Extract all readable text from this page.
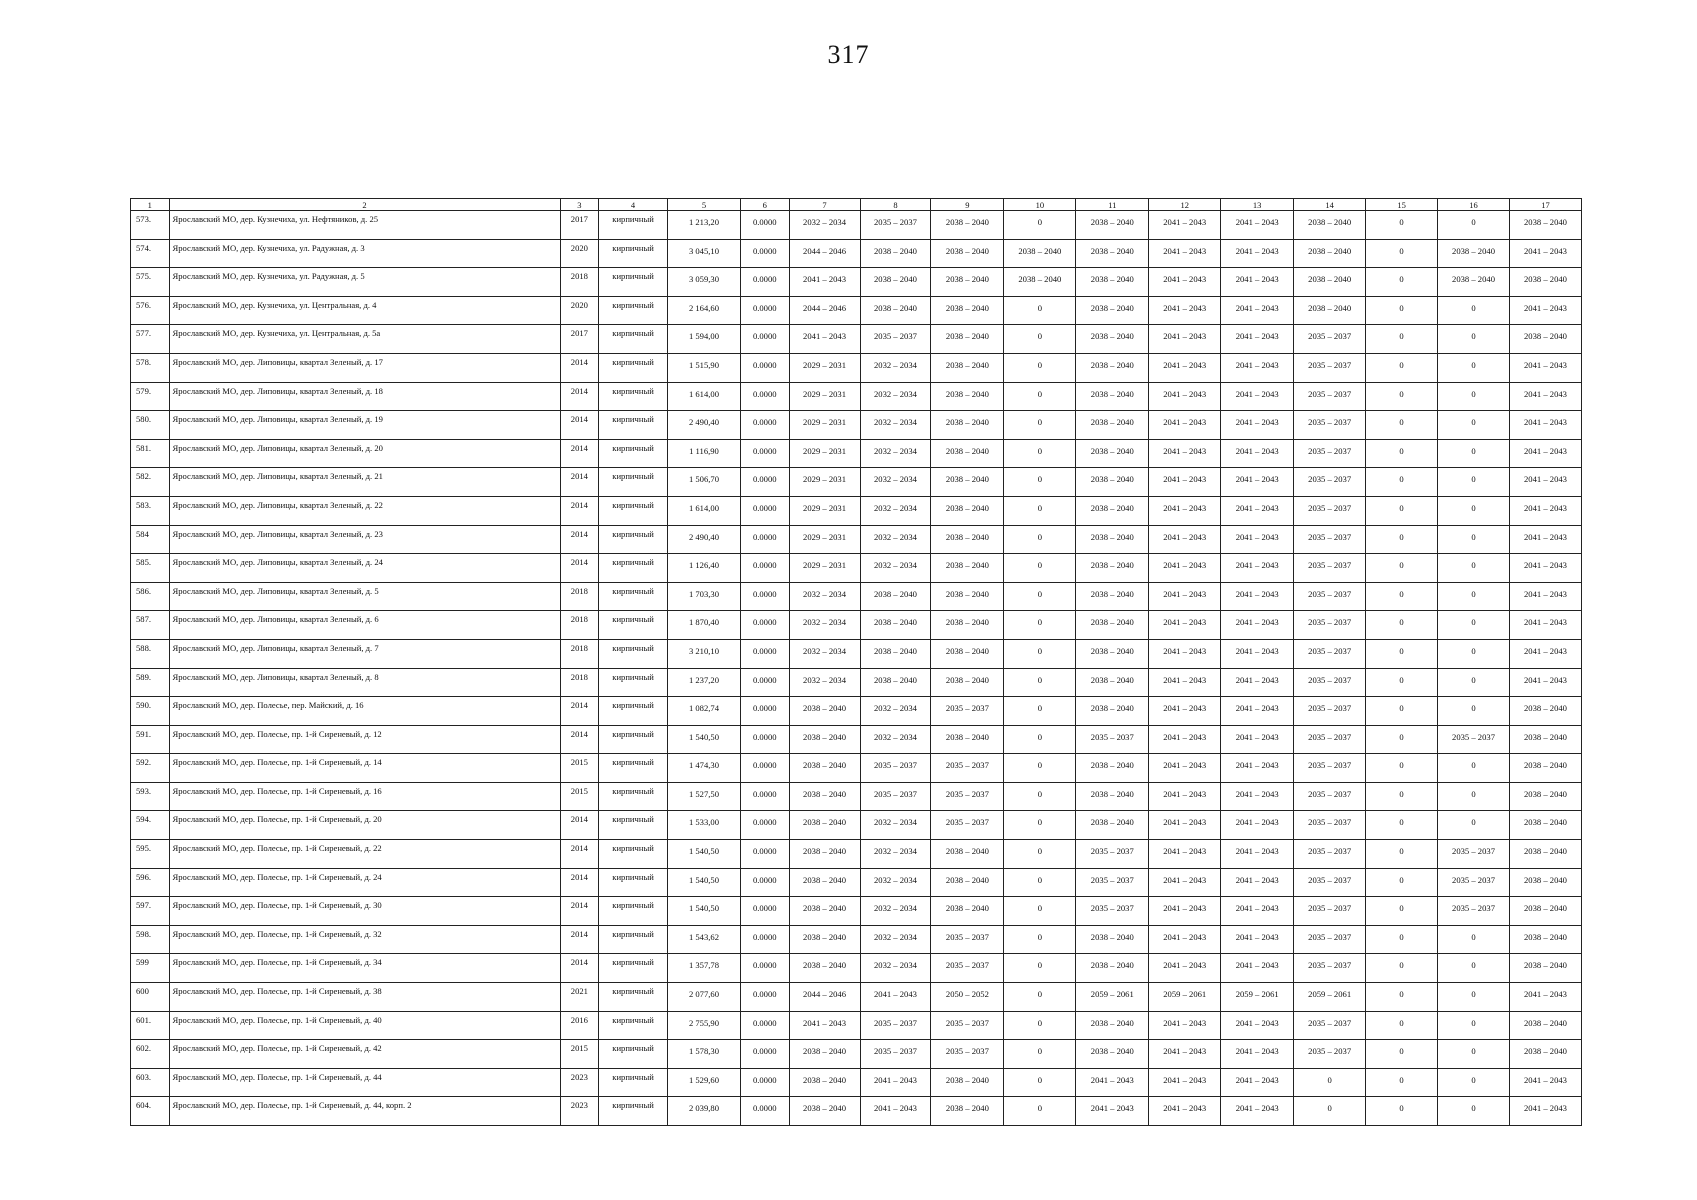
317
1	2	3	4	5	6	7	8	9	10	11	12	13	14	15	16	17
573.	Ярославский МО, дер. Кузнечиха, ул. Нефтяников, д. 25	2017	кирпичный	1 213,20	0.0000	2032 – 2034	2035 – 2037	2038 – 2040	0	2038 – 2040	2041 – 2043	2041 – 2043	2038 – 2040	0	0	2038 – 2040
574.	Ярославский МО, дер. Кузнечиха, ул. Радужная, д. 3	2020	кирпичный	3 045,10	0.0000	2044 – 2046	2038 – 2040	2038 – 2040	2038 – 2040	2038 – 2040	2041 – 2043	2041 – 2043	2038 – 2040	0	2038 – 2040	2041 – 2043
575.	Ярославский МО, дер. Кузнечиха, ул. Радужная, д. 5	2018	кирпичный	3 059,30	0.0000	2041 – 2043	2038 – 2040	2038 – 2040	2038 – 2040	2038 – 2040	2041 – 2043	2041 – 2043	2038 – 2040	0	2038 – 2040	2038 – 2040
576.	Ярославский МО, дер. Кузнечиха, ул. Центральная, д. 4	2020	кирпичный	2 164,60	0.0000	2044 – 2046	2038 – 2040	2038 – 2040	0	2038 – 2040	2041 – 2043	2041 – 2043	2038 – 2040	0	0	2041 – 2043
577.	Ярославский МО, дер. Кузнечиха, ул. Центральная, д. 5а	2017	кирпичный	1 594,00	0.0000	2041 – 2043	2035 – 2037	2038 – 2040	0	2038 – 2040	2041 – 2043	2041 – 2043	2035 – 2037	0	0	2038 – 2040
578.	Ярославский МО, дер. Липовицы, квартал Зеленый, д. 17	2014	кирпичный	1 515,90	0.0000	2029 – 2031	2032 – 2034	2038 – 2040	0	2038 – 2040	2041 – 2043	2041 – 2043	2035 – 2037	0	0	2041 – 2043
579.	Ярославский МО, дер. Липовицы, квартал Зеленый, д. 18	2014	кирпичный	1 614,00	0.0000	2029 – 2031	2032 – 2034	2038 – 2040	0	2038 – 2040	2041 – 2043	2041 – 2043	2035 – 2037	0	0	2041 – 2043
580.	Ярославский МО, дер. Липовицы, квартал Зеленый, д. 19	2014	кирпичный	2 490,40	0.0000	2029 – 2031	2032 – 2034	2038 – 2040	0	2038 – 2040	2041 – 2043	2041 – 2043	2035 – 2037	0	0	2041 – 2043
581.	Ярославский МО, дер. Липовицы, квартал Зеленый, д. 20	2014	кирпичный	1 116,90	0.0000	2029 – 2031	2032 – 2034	2038 – 2040	0	2038 – 2040	2041 – 2043	2041 – 2043	2035 – 2037	0	0	2041 – 2043
582.	Ярославский МО, дер. Липовицы, квартал Зеленый, д. 21	2014	кирпичный	1 506,70	0.0000	2029 – 2031	2032 – 2034	2038 – 2040	0	2038 – 2040	2041 – 2043	2041 – 2043	2035 – 2037	0	0	2041 – 2043
583.	Ярославский МО, дер. Липовицы, квартал Зеленый, д. 22	2014	кирпичный	1 614,00	0.0000	2029 – 2031	2032 – 2034	2038 – 2040	0	2038 – 2040	2041 – 2043	2041 – 2043	2035 – 2037	0	0	2041 – 2043
584	Ярославский МО, дер. Липовицы, квартал Зеленый, д. 23	2014	кирпичный	2 490,40	0.0000	2029 – 2031	2032 – 2034	2038 – 2040	0	2038 – 2040	2041 – 2043	2041 – 2043	2035 – 2037	0	0	2041 – 2043
585.	Ярославский МО, дер. Липовицы, квартал Зеленый, д. 24	2014	кирпичный	1 126,40	0.0000	2029 – 2031	2032 – 2034	2038 – 2040	0	2038 – 2040	2041 – 2043	2041 – 2043	2035 – 2037	0	0	2041 – 2043
586.	Ярославский МО, дер. Липовицы, квартал Зеленый, д. 5	2018	кирпичный	1 703,30	0.0000	2032 – 2034	2038 – 2040	2038 – 2040	0	2038 – 2040	2041 – 2043	2041 – 2043	2035 – 2037	0	0	2041 – 2043
587.	Ярославский МО, дер. Липовицы, квартал Зеленый, д. 6	2018	кирпичный	1 870,40	0.0000	2032 – 2034	2038 – 2040	2038 – 2040	0	2038 – 2040	2041 – 2043	2041 – 2043	2035 – 2037	0	0	2041 – 2043
588.	Ярославский МО, дер. Липовицы, квартал Зеленый, д. 7	2018	кирпичный	3 210,10	0.0000	2032 – 2034	2038 – 2040	2038 – 2040	0	2038 – 2040	2041 – 2043	2041 – 2043	2035 – 2037	0	0	2041 – 2043
589.	Ярославский МО, дер. Липовицы, квартал Зеленый, д. 8	2018	кирпичный	1 237,20	0.0000	2032 – 2034	2038 – 2040	2038 – 2040	0	2038 – 2040	2041 – 2043	2041 – 2043	2035 – 2037	0	0	2041 – 2043
590.	Ярославский МО, дер. Полесье, пер. Майский, д. 16	2014	кирпичный	1 082,74	0.0000	2038 – 2040	2032 – 2034	2035 – 2037	0	2038 – 2040	2041 – 2043	2041 – 2043	2035 – 2037	0	0	2038 – 2040
591.	Ярославский МО, дер. Полесье, пр. 1-й Сиреневый, д. 12	2014	кирпичный	1 540,50	0.0000	2038 – 2040	2032 – 2034	2038 – 2040	0	2035 – 2037	2041 – 2043	2041 – 2043	2035 – 2037	0	2035 – 2037	2038 – 2040
592.	Ярославский МО, дер. Полесье, пр. 1-й Сиреневый, д. 14	2015	кирпичный	1 474,30	0.0000	2038 – 2040	2035 – 2037	2035 – 2037	0	2038 – 2040	2041 – 2043	2041 – 2043	2035 – 2037	0	0	2038 – 2040
593.	Ярославский МО, дер. Полесье, пр. 1-й Сиреневый, д. 16	2015	кирпичный	1 527,50	0.0000	2038 – 2040	2035 – 2037	2035 – 2037	0	2038 – 2040	2041 – 2043	2041 – 2043	2035 – 2037	0	0	2038 – 2040
594.	Ярославский МО, дер. Полесье, пр. 1-й Сиреневый, д. 20	2014	кирпичный	1 533,00	0.0000	2038 – 2040	2032 – 2034	2035 – 2037	0	2038 – 2040	2041 – 2043	2041 – 2043	2035 – 2037	0	0	2038 – 2040
595.	Ярославский МО, дер. Полесье, пр. 1-й Сиреневый, д. 22	2014	кирпичный	1 540,50	0.0000	2038 – 2040	2032 – 2034	2038 – 2040	0	2035 – 2037	2041 – 2043	2041 – 2043	2035 – 2037	0	2035 – 2037	2038 – 2040
596.	Ярославский МО, дер. Полесье, пр. 1-й Сиреневый, д. 24	2014	кирпичный	1 540,50	0.0000	2038 – 2040	2032 – 2034	2038 – 2040	0	2035 – 2037	2041 – 2043	2041 – 2043	2035 – 2037	0	2035 – 2037	2038 – 2040
597.	Ярославский МО, дер. Полесье, пр. 1-й Сиреневый, д. 30	2014	кирпичный	1 540,50	0.0000	2038 – 2040	2032 – 2034	2038 – 2040	0	2035 – 2037	2041 – 2043	2041 – 2043	2035 – 2037	0	2035 – 2037	2038 – 2040
598.	Ярославский МО, дер. Полесье, пр. 1-й Сиреневый, д. 32	2014	кирпичный	1 543,62	0.0000	2038 – 2040	2032 – 2034	2035 – 2037	0	2038 – 2040	2041 – 2043	2041 – 2043	2035 – 2037	0	0	2038 – 2040
599	Ярославский МО, дер. Полесье, пр. 1-й Сиреневый, д. 34	2014	кирпичный	1 357,78	0.0000	2038 – 2040	2032 – 2034	2035 – 2037	0	2038 – 2040	2041 – 2043	2041 – 2043	2035 – 2037	0	0	2038 – 2040
600	Ярославский МО, дер. Полесье, пр. 1-й Сиреневый, д. 38	2021	кирпичный	2 077,60	0.0000	2044 – 2046	2041 – 2043	2050 – 2052	0	2059 – 2061	2059 – 2061	2059 – 2061	2059 – 2061	0	0	2041 – 2043
601.	Ярославский МО, дер. Полесье, пр. 1-й Сиреневый, д. 40	2016	кирпичный	2 755,90	0.0000	2041 – 2043	2035 – 2037	2035 – 2037	0	2038 – 2040	2041 – 2043	2041 – 2043	2035 – 2037	0	0	2038 – 2040
602.	Ярославский МО, дер. Полесье, пр. 1-й Сиреневый, д. 42	2015	кирпичный	1 578,30	0.0000	2038 – 2040	2035 – 2037	2035 – 2037	0	2038 – 2040	2041 – 2043	2041 – 2043	2035 – 2037	0	0	2038 – 2040
603.	Ярославский МО, дер. Полесье, пр. 1-й Сиреневый, д. 44	2023	кирпичный	1 529,60	0.0000	2038 – 2040	2041 – 2043	2038 – 2040	0	2041 – 2043	2041 – 2043	2041 – 2043	0	0	0	2041 – 2043
604.	Ярославский МО, дер. Полесье, пр. 1-й Сиреневый, д. 44, корп. 2	2023	кирпичный	2 039,80	0.0000	2038 – 2040	2041 – 2043	2038 – 2040	0	2041 – 2043	2041 – 2043	2041 – 2043	0	0	0	2041 – 2043
